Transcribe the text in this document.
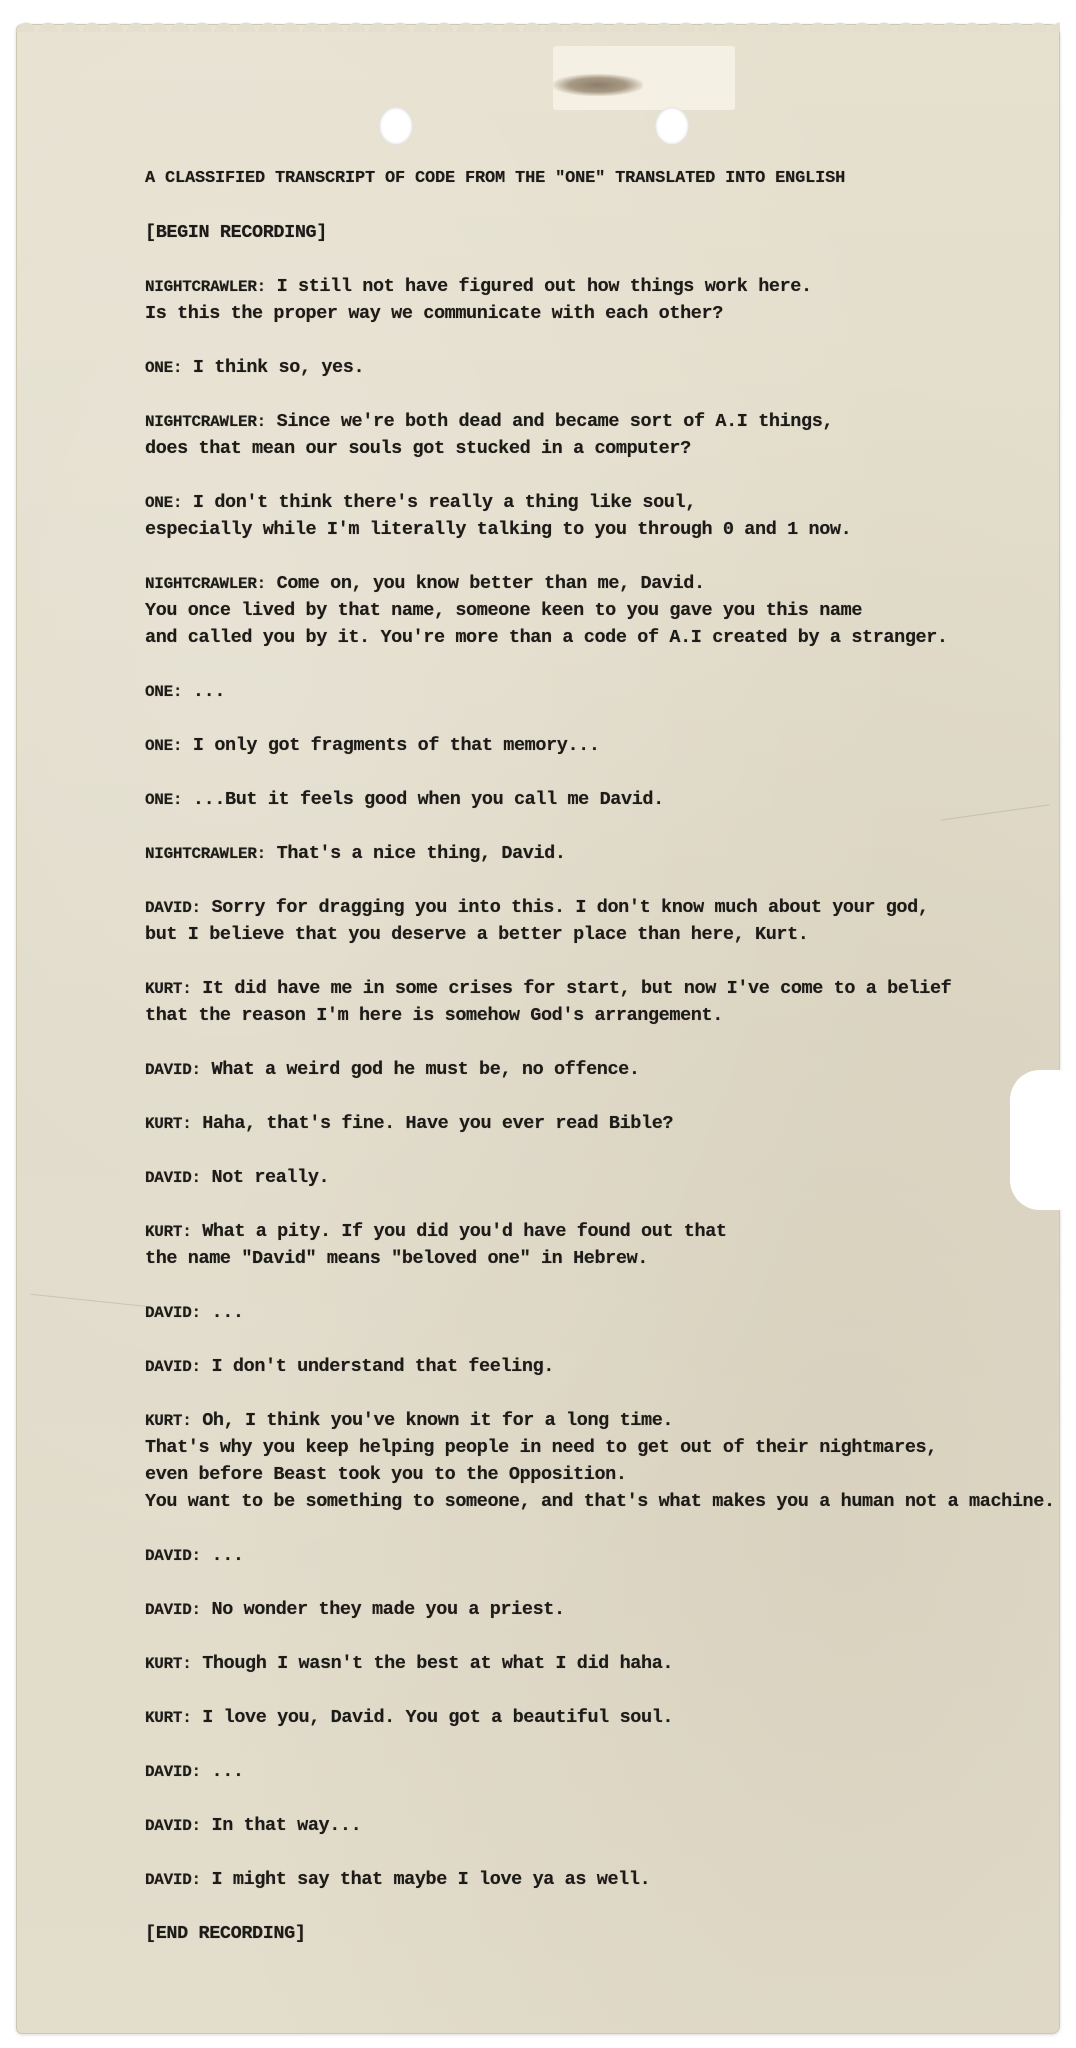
A CLASSIFIED TRANSCRIPT OF CODE FROM THE "ONE" TRANSLATED INTO ENGLISH
[BEGIN RECORDING]
NIGHTCRAWLER: I still not have figured out how things work here.
Is this the proper way we communicate with each other?
ONE: I think so, yes.
NIGHTCRAWLER: Since we're both dead and became sort of A.I things,
does that mean our souls got stucked in a computer?
ONE: I don't think there's really a thing like soul,
especially while I'm literally talking to you through 0 and 1 now.
NIGHTCRAWLER: Come on, you know better than me, David.
You once lived by that name, someone keen to you gave you this name
and called you by it. You're more than a code of A.I created by a stranger.
ONE: ...
ONE: I only got fragments of that memory...
ONE: ...But it feels good when you call me David.
NIGHTCRAWLER: That's a nice thing, David.
DAVID: Sorry for dragging you into this. I don't know much about your god,
but I believe that you deserve a better place than here, Kurt.
KURT: It did have me in some crises for start, but now I've come to a belief
that the reason I'm here is somehow God's arrangement.
DAVID: What a weird god he must be, no offence.
KURT: Haha, that's fine. Have you ever read Bible?
DAVID: Not really.
KURT: What a pity. If you did you'd have found out that
the name "David" means "beloved one" in Hebrew.
DAVID: ...
DAVID: I don't understand that feeling.
KURT: Oh, I think you've known it for a long time.
That's why you keep helping people in need to get out of their nightmares,
even before Beast took you to the Opposition.
You want to be something to someone, and that's what makes you a human not a machine.
DAVID: ...
DAVID: No wonder they made you a priest.
KURT: Though I wasn't the best at what I did haha.
KURT: I love you, David. You got a beautiful soul.
DAVID: ...
DAVID: In that way...
DAVID: I might say that maybe I love ya as well.
[END RECORDING]
